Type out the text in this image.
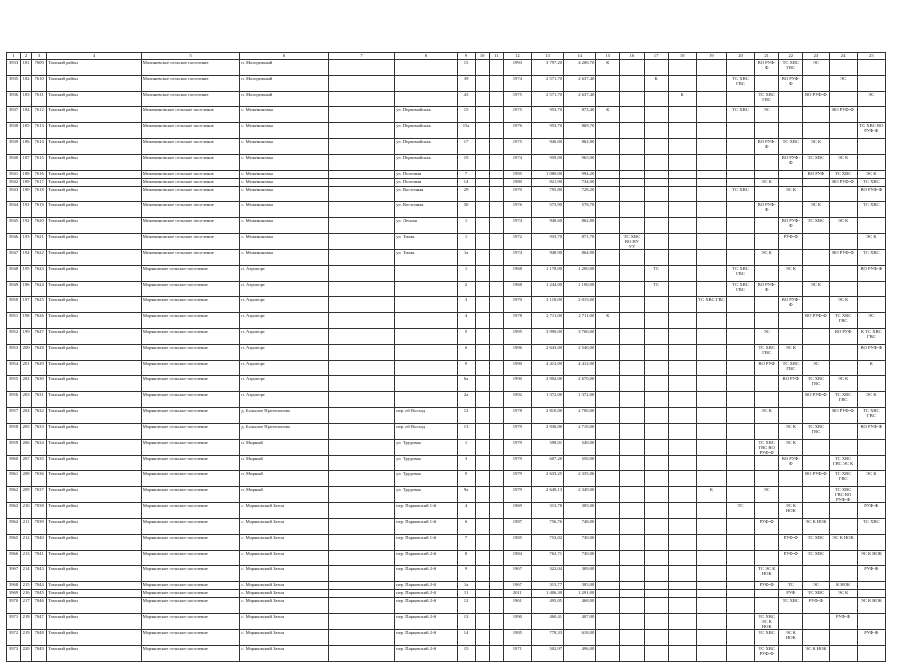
1	2	3	4	5	6	7	8	9	10	11	12	13	14	15	16	17	18	19	20	21	22	23	24	25
3933	181	7609	Томский район	Малиновское сельское поселение	п. Молодежный			15			1993	3 797,20	4 206,70	К						ВО РУФ-Ф	ТС ХВС ГВС	ЭС		
3935	182	7610	Томский район	Малиновское сельское поселение	п. Молодежный			39			1974	2 571,70	2 637,40			К			ТС ХВС ГВС		ВО РУФ-Ф		ЭС	
3936	183	7611	Томский район	Малиновское сельское поселение	п. Молодежный			43			1975	2 571,70	2 637,40				К			ТС ХВС ГВС		ВО РУФ-Ф		ЭС
3937	184	7612	Томский район	Межениновское сельское поселение	с. Межениновка		ул. Первомайская	15			1975	953,70	873,40	К					ТС ХВС	ЭС			ВО РУФ-Ф	
3938	185	7613	Томский район	Межениновское сельское поселение	с. Межениновка		ул. Первомайская	15а			1976	953,70	869,70											ТС ХВС ВО РУФ-Ф
3939	186	7614	Томский район	Межениновское сельское поселение	с. Межениновка		ул. Первомайская	17			1975	946,00	862,80							ВО РУФ-Ф	ТС ХВС	ЭС К		
3940	187	7615	Томский район	Межениновское сельское поселение	с. Межениновка		ул. Первомайская	19			1974	959,00	965,00								ВО РУФ-Ф	ТС ХВС	ЭС К	
3941	188	7616	Томский район	Межениновское сельское поселение	с. Межениновка		ул. Почтовая	7			1995	1 080,00	994,20									ВО РУФ	ТС ХВС	ЭС К
3942	189	7617	Томский район	Межениновское сельское поселение	с. Межениновка		ул. Почтовая	14			1980	821,90	734,00							ЭС К			ВО РУФ-Ф	ТС ХВС
3943	190	7618	Томский район	Межениновское сельское поселение	с. Межениновка		ул. Восточная	29			1970	795,80	728,20						ТС ХВС		ЭС К			ВО РУФ-Ф
3944	191	7619	Томский район	Межениновское сельское поселение	с. Межениновка		ул. Восточная	30			1976	573,90	578,70							ВО РУФ-Ф		ЭС К		ТС ХВС
3945	192	7620	Томский район	Межениновское сельское поселение	с. Межениновка		ул. Лесная	1			1974	948,60	862,80								ВО РУФ-Ф	ТС ХВС	ЭС К	
3946	193	7621	Томский район	Межениновское сельское поселение	с. Межениновка		ул. Тихая	1			1972	933,70	871,70		ТС ХВС ВО НУ УУ						РУФ-Ф			ЭС К
3947	194	7622	Томский район	Межениновское сельское поселение	с. Межениновка		ул. Тихая	1а			1974	948,90	864,90							ЭС К			ВО РУФ-Ф	ТС ХВС
3948	195	7623	Томский район	Моряковское сельское поселение	п. Аэропорт			1			1968	1 178,00	1 200,00			ТС			ТС ХВС ГВС		ЭС К			ВО РУФ-Ф
3949	196	7624	Томский район	Моряковское сельское поселение	п. Аэропорт			2			1968	1 244,00	1 190,00			ТС			ТС ХВС ГВС	ВО РУФ-Ф		ЭС К		
3950	197	7625	Томский район	Моряковское сельское поселение	п. Аэропорт			3			1970	2 118,00	2 015,00					ТС ХВС ГВС			ВО РУФ-Ф		ЭС К	
3951	198	7626	Томский район	Моряковское сельское поселение	п. Аэропорт			4			1978	2 711,00	2 711,00	К								ВО РУФ-Ф	ТС ХВС ГВС	ЭС
3952	199	7627	Томский район	Моряковское сельское поселение	п. Аэропорт			5			1995	3 990,00	3 760,00							ЭС			ВО РУФ	К ТС ХВС ГВС
3953	200	7628	Томский район	Моряковское сельское поселение	п. Аэропорт			6			1996	2 643,00	2 540,00							ТС ХВС ГВС	ЭС К			ВО РУФ-Ф
3954	201	7629	Томский район	Моряковское сельское поселение	п. Аэропорт			9			1990	4 412,00	4 412,00							ВО РУФ	ТС ХВС ГВС	ЭС		К
3955	202	7630	Томский район	Моряковское сельское поселение	п. Аэропорт			6а			1990	2 904,00	2 670,00								ВО РУФ	ТС ХВС ГВС	ЭС К	
3956	203	7631	Томский район	Моряковское сельское поселение	п. Аэропорт			2а			1992	1 372,00	1 372,00									ВО РУФ-Ф	ТС ХВС ГВС	ЭС К
3957	204	7632	Томский район	Моряковское сельское поселение	д. Большое Протопопово		пер. об Восход	12			1978	2 810,00	2 700,00							ЭС К			ВО РУФ-Ф	ТС ХВС ГВС
3958	205	7633	Томский район	Моряковское сельское поселение	д. Большое Протопопово		пер. об Восход	13			1979	2 936,00	2 710,00								ЭС К	ТС ХВС ГВС		ВО РУФ-Ф
3959	206	7634	Томский район	Моряковское сельское поселение	п. Мирный		ул. Трудовая	1			1979	598,01	540,00							ТС ХВС ГВС ВО РУФ-Ф	ЭС К			
3960	207	7635	Томский район	Моряковское сельское поселение	п. Мирный		ул. Трудовая	3			1979	607,20	550,00								ВО РУФ-Ф		ТС ХВС ГВС ЭС К	
3961	208	7636	Томский район	Моряковское сельское поселение	п. Мирный		ул. Трудовая	9			1979	2 633,25	2 335,06									ВО РУФ-Ф	ТС ХВС ГВС	ЭС К
3962	209	7637	Томский район	Моряковское сельское поселение	п. Мирный		ул. Трудовая	9а			1979	2 649,13	2 349,00					К		ЭС			ТС ХВС ГВС ВО РУФ-Ф	
3963	210	7038	Томский район	Моряковское сельское поселение	с. Моряковский Затон		пер. Парковский 1-й	4			1969	313,78	305,00						ТС		ЭС К НОК			РУФ-Ф
3964	211	7039	Томский район	Моряковское сельское поселение	с. Моряковский Затон		пер. Парковский 1-й	6			1987	756,76	748,00							РУФ-Ф		ЭС К НОК		ТС ХВС
3965	212	7040	Томский район	Моряковское сельское поселение	с. Моряковский Затон		пер. Парковский 1-й	7			1985	753,02	730,00								РУФ-Ф	ТС ХВС	ЭС К НОК	
3966	213	7041	Томский район	Моряковское сельское поселение	с. Моряковский Затон		пер. Парковский 2-й	8			1984	762,71	730,00								РУФ-Ф	ТС ХВС		ЭС К НОК
3967	214	7043	Томский район	Моряковское сельское поселение	с. Моряковский Затон		пер. Парковский 2-й	9			1967	322,04	309,00							ТС ЭС К НОК				РУФ-Ф
3968	215	7044	Томский район	Моряковское сельское поселение	с. Моряковский Затон		пер. Парковский 2-й	1а			1967	313,77	305,00							РУФ-Ф	ТС	ЭС	К НОК	
3969	216	7045	Томский район	Моряковское сельское поселение	с. Моряковский Затон		пер. Парковский 2-й	11			2011	1 406,30	1 291,00								РУФ	ТС ХВС	ЭС К	
3970	217	7046	Томский район	Моряковское сельское поселение	с. Моряковский Затон		пер. Парковский 2-й	12			1961	495,05	468,00								ТС ХВС	РУФ-Ф		ЭС К НОК
3971	218	7047	Томский район	Моряковское сельское поселение	с. Моряковский Затон		пер. Парковский 2-й	13			1990	460,41	407,00							ТС ХВС ЭС К НОК			РУФ-Ф	
3972	219	7048	Томский район	Моряковское сельское поселение	с. Моряковский Затон		пер. Парковский 2-й	14			1985	778,33	618,00							ТС ХВС	ЭС К НОК			РУФ-Ф
3973	220	7049	Томский район	Моряковское сельское поселение	с. Моряковский Затон		пер. Парковский 2-й	15			1971	502,97	496,00							ТС ХВС РУФ-Ф		ЭС К НОК		
